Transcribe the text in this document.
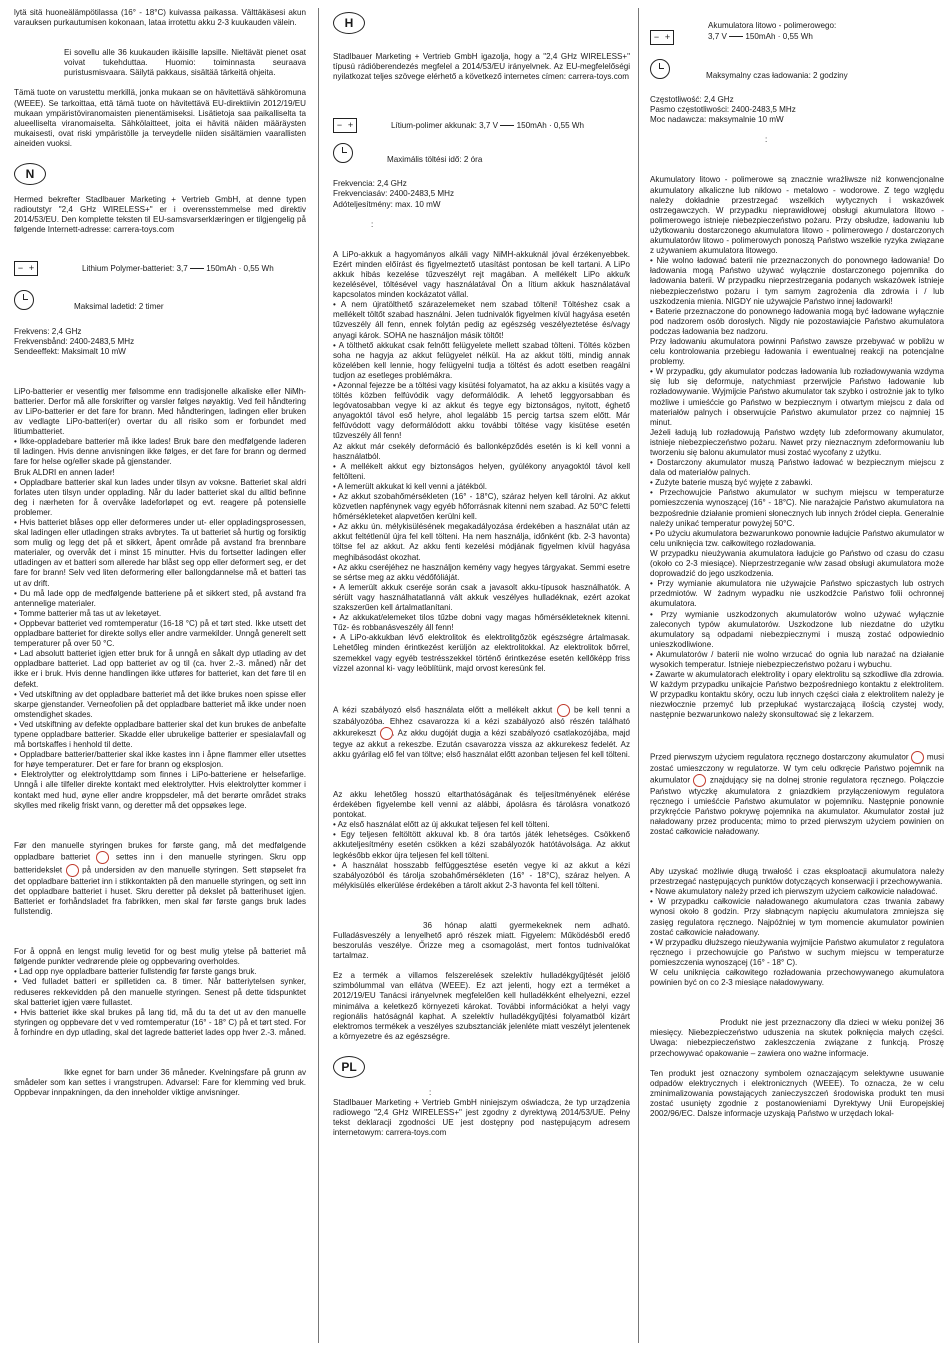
lytä sitä huoneälämpötilassa (16° - 18°C) kuivassa paikassa. Välttäkäsesi akun varauksen purkautumisen kokonaan, lataa irrotettu akku 2-3 kuukauden välein.

Ei sovellu alle 36 kuukauden ikäisille lapsille. Nieltävät pienet osat voivat tukehduttaa. Huomio: toiminnasta seuraava puristusmisvaara. Säilytä pakkaus, sisältää tärkeitä ohjeita.

Tämä tuote on varustettu merkillä, jonka mukaan se on hävitettävä sähköromuna (WEEE). Se tarkoittaa, että tämä tuote on hävitettävä EU-direktiivin 2012/19/EU mukaan ympäristöviranomaisten pienentämiseksi. Lisätietoja saa paikalliselta ta alueelliselta viranomaiselta. Sähkölaitteet, joita ei hävitä näiden määräysten mukaisesti, ovat riski ympäristölle ja terveydelle niiden sisältämien vaarallisten aineiden vuoksi.

N

Hermed bekrefter Stadlbauer Marketing + Vertrieb GmbH, at denne typen radioutstyr "2,4 GHz WIRELESS+" er i overensstemmelse med direktiv 2014/53/EU. Den komplette teksten til EU-samsvarserklæringen er tilgjengelig på følgende Internett-adresse: carrera-toys.com

− +	Lithium Polymer-batteriet: 3,7 150mAh · 0,55 Wh
Maksimal ladetid: 2 timer

Frekvens: 2,4 GHz

Frekvensbånd: 2400-2483,5 MHz

Sendeeffekt: Maksimalt 10 mW

LiPo-batterier er vesentlig mer følsomme enn tradisjonelle alkaliske eller NiMh-batterier. Derfor må alle forskrifter og varsler følges nøyaktig. Ved feil håndtering av LiPo-batterier er det fare for brann. Med håndteringen, ladingen eller bruken av vedlagte LiPo-batteri(er) overtar du all risiko som er forbundet med litiumbatteriet.

• Ikke-oppladebare batterier må ikke lades! Bruk bare den medfølgende laderen til ladingen. Hvis denne anvisningen ikke følges, er det fare for brann og dermed fare for helse og/eller skade på gjenstander.

Bruk ALDRI en annen lader!

• Oppladbare batterier skal kun lades under tilsyn av voksne. Batteriet skal aldri forlates uten tilsyn under opplading. Når du lader batteriet skal du alltid befinne deg i nærheten for å overvåke ladeforløpet og evt. reagere på potensielle problemer.

• Hvis batteriet blåses opp eller deformeres under ut- eller oppladingsprosessen, skal ladingen eller utladingen straks avbrytes. Ta ut batteriet så hurtig og forsiktig som mulig og legg det på et sikkert, åpent område på avstand fra brennbare materialer, og overvåk det i minst 15 minutter. Hvis du fortsetter ladingen eller utladingen av et batteri som allerede har blåst seg opp eller deformert seg, er det fare for brann! Selv ved liten deformering eller ballongdannelse må et batteri tas ut av drift.

• Du må lade opp de medfølgende batteriene på et sikkert sted, på avstand fra antennelige materialer.

• Tomme batterier må tas ut av leketøyet.

• Oppbevar batteriet ved romtemperatur (16-18 °C) på et tørt sted. Ikke utsett det oppladbare batteriet for direkte sollys eller andre varmekilder. Unngå generelt sett temperaturer på over 50 °C.

• Lad absolutt batteriet igjen etter bruk for å unngå en såkalt dyp utlading av det oppladbare batteriet. Lad opp batteriet av og til (ca. hver 2.-3. måned) når det ikke er i bruk. Hvis denne handlingen ikke utføres for batteriet, kan det føre til en defekt.

• Ved utskiftning av det oppladbare batteriet må det ikke brukes noen spisse eller skarpe gjenstander. Verneofolien på det oppladbare batteriet må ikke under noen omstendighet skades.

• Ved utskiftning av defekte oppladbare batterier skal det kun brukes de anbefalte typene oppladbare batterier. Skadde eller ubrukelige batterier er spesialavfall og må bortskaffes i henhold til dette.

• Oppladbare batterier/batterier skal ikke kastes inn i åpne flammer eller utsettes for høye temperaturer. Det er fare for brann og eksplosjon.

• Elektrolytter og elektrolyttdamp som finnes i LiPo-batteriene er helsefarlige. Unngå i alle tilfeller direkte kontakt med elektrolytter. Hvis elektrolytter kommer i kontakt med hud, øyne eller andre kroppsdeler, må det berørte området straks skylles med rikelig friskt vann, og deretter må det oppsøkes lege.

Før den manuelle styringen brukes for første gang, må det medfølgende oppladbare batteriet	settes inn i den manuelle styringen. Skru opp batteridekslet på undersiden av den manuelle styringen. Sett støpselet fra det oppladbare batteriet inn i stikkontakten på den manuelle styringen, og sett inn det oppladbare batteriet i huset. Skru deretter på dekslet på batterihuset igjen. Batteriet er forhåndsladet fra fabrikken, men skal før første gangs bruk lades fullstendig.

For å oppnå en lengst mulig levetid for og best mulig ytelse på batteriet må følgende punkter vedrørende pleie og oppbevaring overholdes.

• Lad opp nye oppladbare batterier fullstendig før første gangs bruk.

• Ved fulladet batteri er spilletiden ca. 8 timer. Når batteriytelsen synker, reduseres rekkevidden på den manuelle styringen. Senest på dette tidspunktet skal batteriet igjen være fullastet.

• Hvis batteriet ikke skal brukes på lang tid, må du ta det ut av den manuelle styringen og oppbevare det v ved romtemperatur (16° - 18° C) på et tørt sted. For å forhindre en dyp utlading, skal det lagrede batteriet lades opp hver 2.-3. måned.

Ikke egnet for barn under 36 måneder. Kvelningsfare på grunn av smådeler som kan settes i vrangstrupen. Advarsel: Fare for klemming ved bruk. Oppbevar innpakningen, da den inneholder viktige anvisninger.

H

Stadlbauer Marketing + Vertrieb GmbH igazolja, hogy a "2,4 GHz WIRELESS+" típusú rádióberendezés megfelel a 2014/53/EU irányelvnek. Az EU-megfelelőségi nyilatkozat teljes szövege elérhető a következő internetes címen: carrera-toys.com

− +	Lítium-polimer akkunak: 3,7 V 150mAh · 0,55 Wh
Maximális töltési idő: 2 óra

Frekvencia: 2,4 GHz

Frekvenciasáv: 2400-2483,5 MHz

Adóteljesítmény: max. 10 mW

:

A LiPo-akkuk a hagyományos alkáli vagy NiMH-akkuknál jóval érzékenyebbek. Ezért minden előírást és figyelmeztető utasítást pontosan be kell tartani. A LiPo akkuk hibás kezelése tűzveszélyt rejt magában. A mellékelt LiPo akku/k kezelésével, töltésével vagy használatával Ön a lítium akkuk használatával kapcsolatos minden kockázatot vállal.

• A nem újratölthető szárazelemeket nem szabad tölteni! Töltéshez csak a mellékelt töltőt szabad használni. Jelen tudnivalók figyelmen kívül hagyása esetén tűzveszély áll fenn, ennek folytán pedig az egészség veszélyeztetése és/vagy anyagi károk. SOHA ne használjon másik töltőt!

• A tölthető akkukat csak felnőtt felügyelete mellett szabad tölteni. Töltés közben soha ne hagyja az akkut felügyelet nélkül. Ha az akkut tölti, mindig annak közelében kell lennie, hogy felügyelni tudja a töltést és adott esetben reagálni tudjon az esetleges problémákra.

• Azonnal fejezze be a töltési vagy kisütési folyamatot, ha az akku a kisütés vagy a töltés közben felfúvódik vagy deformálódik. A lehető leggyorsabban és legóvatosabban vegye ki az akkut és tegye egy biztonságos, nyitott, éghető anyagoktól távol eső helyre, ahol legalább 15 percig tartsa szem előtt. Már felfúvódott vagy deformálódott akku további töltése vagy kisütése esetén tűzveszély áll fenn!

Az akkut már csekély deformáció és ballonképződés esetén is ki kell vonni a használatból.

• A mellékelt akkut egy biztonságos helyen, gyúlékony anyagoktól távol kell feltölteni.

• A lemerült akkukat ki kell venni a játékból.

• Az akkut szobahőmérsékleten (16° - 18°C), száraz helyen kell tárolni. Az akkut közvetlen napfénynek vagy egyéb hőforrásnak kitenni nem szabad. Az 50°C feletti hőmérsékleteket alapvetően kerülni kell.

• Az akku ún. mélykisülésének megakadályozása érdekében a használat után az akkut feltétlenül újra fel kell tölteni. Ha nem használja, időnként (kb. 2-3 havonta) töltse fel az akkut. Az akku fenti kezelési módjának figyelmen kívül hagyása meghibásodást okozhat.

• Az akku cseréjéhez ne használjon kemény vagy hegyes tárgyakat. Semmi esetre se sértse meg az akku védőfóliáját.

• A lemerült akkuk cseréje során csak a javasolt akku-típusok használhatók. A sérült vagy használhatatlanná vált akkuk veszélyes hulladéknak, ezért azokat szakszerűen kell ártalmatlanítani.

• Az akkukat/elemeket tilos tűzbe dobni vagy magas hőmérsékleteknek kitenni. Tűz- és robbanásveszély áll fenn!

• A LiPo-akkukban lévő elektrolitok és elektrolitgőzök egészségre ártalmasak. Lehetőleg minden érintkezést kerüljön az elektrolitokkal. Az elektrolitok bőrrel, szemekkel vagy egyéb testrésszekkel történő érintkezése esetén kellőképp friss vízzel azonnal ki- vagy leöblítünk, majd orvost keresünk fel.

A kézi szabályozó első használata előtt a mellékelt akkut	be kell tenni a szabályozóba. Ehhez csavarozza ki a kézi szabályozó alsó részén található akkurekeszt . Az akku dugóját dugja a kézi szabályozó csatlakozójába, majd tegye az akkut a rekeszbe. Ezután csavarozza vissza az akkurekesz fedelét. Az akku gyárilag elő fel van töltve; első használat előtt azonban teljesen fel kell tölteni.

Az akku lehetőleg hosszú eltarthatóságának és teljesítményének elérése érdekében figyelembe kell venni az alábbi, ápolásra és tárolásra vonatkozó pontokat.

• Az első használat előtt az új akkukat teljesen fel kell tölteni.

• Egy teljesen feltöltött akkuval kb. 8 óra tartós játék lehetséges. Csökkenő akkuteljesítmény esetén csökken a kézi szabályozók hatótávolsága. Az akkut legkésőbb ekkor újra teljesen fel kell tölteni.

• A használat hosszabb felfüggesztése esetén vegye ki az akkut a kézi szabályozóból és tárolja szobahőmérsékleten (16° - 18°C), száraz helyen. A mélykisülés elkerülése érdekében a tárolt akkut 2-3 havonta fel kell tölteni.

36 hónap alatti gyermekeknek nem adható. Fulladásveszély a lenyelhető apró részek miatt. Figyelem: Működésből eredő beszorulás veszélye. Őrizze meg a csomagolást, mert fontos tudnivalókat tartalmaz.

Ez a termék a villamos felszerelések szelektív hulladékgyűjtését jelölő szimbólummal van ellátva (WEEE). Ez azt jelenti, hogy ezt a terméket a 2012/19/EU Tanácsi irányelvnek megfelelően kell hulladékként elhelyezni, ezzel minimálva a keletkező környezeti károkat. További információkat a helyi vagy regionális hatóságnál kaphat. A szelektív hulladékgyűjtési folyamatból kizárt elektromos termékek a veszélyes szubsztanciák jelenléte miatt veszélyt jelentenek a környezetre és az egészségre.

PL

:

Stadlbauer Marketing + Vertrieb GmbH niniejszym oświadcza, że typ urządzenia radiowego "2,4 GHz WIRELESS+" jest zgodny z dyrektywą 2014/53/UE. Pełny tekst deklaracji zgodności UE jest dostępny pod następującym adresem internetowym: carrera-toys.com

− +
Akumulatora litowo - polimerowego:
3,7 V 150mAh · 0,55 Wh
Maksymalny czas ładowania: 2 godziny

Częstotliwość: 2,4 GHz

Pasmo częstotliwości: 2400-2483,5 MHz

Moc nadawcza: maksymalnie 10 mW

:

Akumulatory litowo - polimerowe są znacznie wrażliwsze niż konwencjonalne akumulatory alkaliczne lub niklowo - metalowo - wodorowe. Z tego względu należy dokładnie przestrzegać wszelkich wytycznych i wskazówek ostrzegawczych. W przypadku nieprawidłowej obsługi akumulatora litowo - polimerowego istnieje niebezpieczeństwo pożaru. Przy obsłudze, ładowaniu lub użytkowaniu dostarczonego akumulatora litowo - polimerowego / dostarczonych akumulatorów litowo - polimerowych ponoszą Państwo wszelkie ryzyka związane z używaniem akumulatora litowego.

• Nie wolno ładować baterii nie przeznaczonych do ponownego ładowania! Do ładowania mogą Państwo używać wyłącznie dostarczonego pojemnika do ładowania baterii. W przypadku nieprzestrzegania podanych wskazówek istnieje niebezpieczeństwo pożaru i tym samym zagrożenia dla zdrowia i / lub uszkodzenia mienia. NIGDY nie używajcie Państwo innej ładowarki!

• Baterie przeznaczone do ponownego ładowania mogą być ładowane wyłącznie pod nadzorem osób dorosłych. Nigdy nie pozostawiajcie Państwo akumulatora podczas ładowania bez nadzoru.

Przy ładowaniu akumulatora powinni Państwo zawsze przebywać w pobliżu w celu kontrolowania przebiegu ładowania i ewentualnej reakcji na potencjalne problemy.

• W przypadku, gdy akumulator podczas ładowania lub rozładowywania wzdyma się lub się deformuje, natychmiast przerwijcie Państwo ładowanie lub rozładowywanie. Wyjmijcie Państwo akumulator tak szybko i ostrożnie jak to tylko możliwe i umieśćcie go Państwo w bezpiecznym i otwartym miejscu z dala od materiałów palnych i obserwujcie Państwo akumulator przez co najmniej 15 minut.

Jeżeli ładują lub rozładowują Państwo wzdęty lub zdeformowany akumulator, istnieje niebezpieczeństwo pożaru. Nawet przy nieznacznym zdeformowaniu lub tworzeniu się balonu akumulator musi zostać wycofany z użytku.

• Dostarczony akumulator muszą Państwo ładować w bezpiecznym miejscu z dala od materiałów palnych.

• Zużyte baterie muszą być wyjęte z zabawki.

• Przechowujcie Państwo akumulator w suchym miejscu w temperaturze pomieszczenia wynoszącej (16° - 18°C). Nie narażajcie Państwo akumulatora na bezpośrednie działanie promieni słonecznych lub innych źródeł ciepła. Generalnie należy unikać temperatur powyżej 50°C.

• Po użyciu akumulatora bezwarunkowo ponownie ładujcie Państwo akumulator w celu uniknięcia tzw. całkowitego rozładowania.

W przypadku nieużywania akumulatora ładujcie go Państwo od czasu do czasu (około co 2-3 miesiące). Nieprzestrzeganie w/w zasad obsługi akumulatora może doprowadzić do jego uszkodzenia.

• Przy wymianie akumulatora nie używajcie Państwo spiczastych lub ostrych przedmiotów. W żadnym wypadku nie uszkodźcie Państwo folii ochronnej akumulatora.

• Przy wymianie uszkodzonych akumulatorów wolno używać wyłącznie zaleconych typów akumulatorów. Uszkodzone lub niezdatne do użytku akumulatory są odpadami niebezpiecznymi i muszą zostać odpowiednio unieszkodliwione.

• Akumulatorów / baterii nie wolno wrzucać do ognia lub narażać na działanie wysokich temperatur. Istnieje niebezpieczeństwo pożaru i wybuchu.

• Zawarte w akumulatorach elektrolity i opary elektrolitu są szkodliwe dla zdrowia. W każdym przypadku unikajcie Państwo bezpośredniego kontaktu z elektrolitem. W przypadku kontaktu skóry, oczu lub innych części ciała z elektrolitem należy je niezwłocznie przemyć lub przepłukać wystarczającą ilością czystej wody, następnie bezwarunkowo należy skonsultować się z lekarzem.

Przed pierwszym użyciem regulatora ręcznego dostarczony akumulator musi zostać umieszczony w regulatorze. W tym celu odkręcie Państwo pojemnik na akumulator znajdujący się na dolnej stronie regulatora ręcznego. Połączcie Państwo wtyczkę akumulatora z gniazdkiem przyłączeniowym regulatora ręcznego i umieśćcie Państwo akumulator w pojemniku. Następnie ponownie przykręćcie Państwo pokrywę pojemnika na akumulator. Akumulator został już naładowany przez producenta; mimo to przed pierwszym użyciem powinien on zostać całkowicie naładowany.

Aby uzyskać możliwie długą trwałość i czas eksploatacji akumulatora należy przestrzegać następujących punktów dotyczących konserwacji i przechowywania.

• Nowe akumulatory należy przed ich pierwszym użyciem całkowicie naładować.

• W przypadku całkowicie naładowanego akumulatora czas trwania zabawy wynosi około 8 godzin. Przy słabnącym napięciu akumulatora zmniejsza się zasięg regulatora ręcznego. Najpóźniej w tym momencie akumulator powinien zostać całkowicie naładowany.

• W przypadku dłuższego nieużywania wyjmijcie Państwo akumulator z regulatora ręcznego i przechowujcie go Państwo w suchym miejscu w temperaturze pomieszczenia wynoszącej (16° - 18° C).

W celu uniknięcia całkowitego rozładowania przechowywanego akumulatora powinien być on co 2-3 miesiące naładowywany.

Produkt nie jest przeznaczony dla dzieci w wieku poniżej 36 miesięcy. Niebezpieczeństwo uduszenia na skutek połknięcia małych części. Uwaga: niebezpieczeństwo zakleszczenia związane z funkcją. Proszę przechowywać opakowanie – zawiera ono ważne informacje.

Ten produkt jest oznaczony symbolem oznaczającym selektywne usuwanie odpadów elektrycznych i elektronicznych (WEEE). To oznacza, że w celu zminimalizowania powstających zanieczyszczeń środowiska produkt ten musi zostać usunięty zgodnie z postanowieniami Dyrektywy Unii Europejskiej 2002/96/EC. Dalsze informacje uzyskają Państwo w urzędach lokal-
